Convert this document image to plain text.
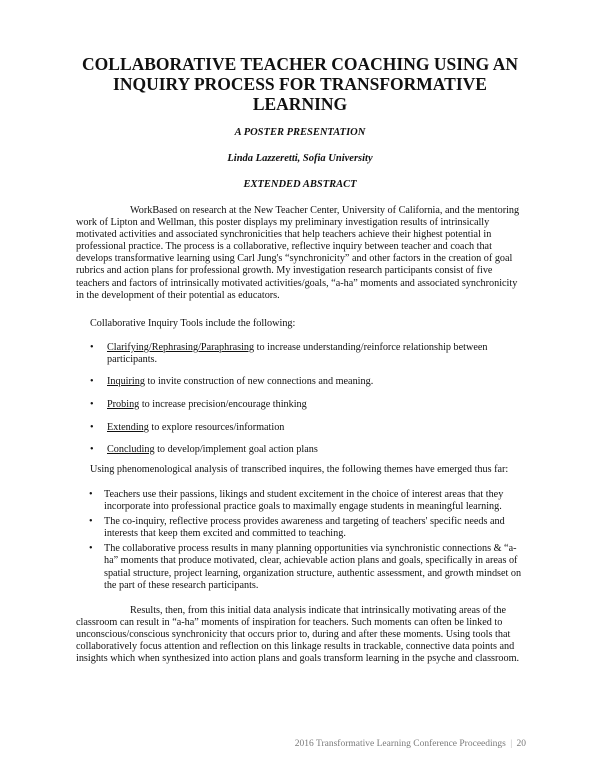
COLLABORATIVE TEACHER COACHING USING AN INQUIRY PROCESS FOR TRANSFORMATIVE LEARNING

A POSTER PRESENTATION

Linda Lazzeretti, Sofia University

EXTENDED ABSTRACT

WorkBased on research at the New Teacher Center, University of California, and the mentoring work of Lipton and Wellman, this poster displays my preliminary investigation results of intrinsically motivated activities and associated synchronicities that help teachers achieve their highest potential in professional practice. The process is a collaborative, reflective inquiry between teacher and coach that develops transformative learning using Carl Jung's “synchronicity” and other factors in the creation of goal rubrics and action plans for professional growth. My investigation research participants consist of five teachers and factors of intrinsically motivated activities/goals, “a-ha” moments and associated synchronicity in the development of their potential as educators.

Collaborative Inquiry Tools include the following:

•	Clarifying/Rephrasing/Paraphrasing to increase understanding/reinforce relationship between participants.
•	Inquiring to invite construction of new connections and meaning.
•	Probing to increase precision/encourage thinking
•	Extending to explore resources/information
•	Concluding to develop/implement goal action plans

Using phenomenological analysis of transcribed inquires, the following themes have emerged thus far:

• Teachers use their passions, likings and student excitement in the choice of interest areas that they incorporate into professional practice goals to maximally engage students in meaningful learning.
• The co-inquiry, reflective process provides awareness and targeting of teachers' specific needs and interests that keep them excited and committed to teaching.
• The collaborative process results in many planning opportunities via synchronistic connections & “a-ha” moments that produce motivated, clear, achievable action plans and goals, specifically in areas of spatial structure, project learning, organization structure, authentic assessment, and growth mindset on the part of these research participants.

Results, then, from this initial data analysis indicate that intrinsically motivating areas of the classroom can result in “a-ha” moments of inspiration for teachers. Such moments can often be linked to unconscious/conscious synchronicity that occurs prior to, during and after these moments. Using tools that collaboratively focus attention and reflection on this linkage results in trackable, connective data points and insights which when synthesized into action plans and goals transform learning in the psyche and classroom.

2016 Transformative Learning Conference Proceedings | 20
